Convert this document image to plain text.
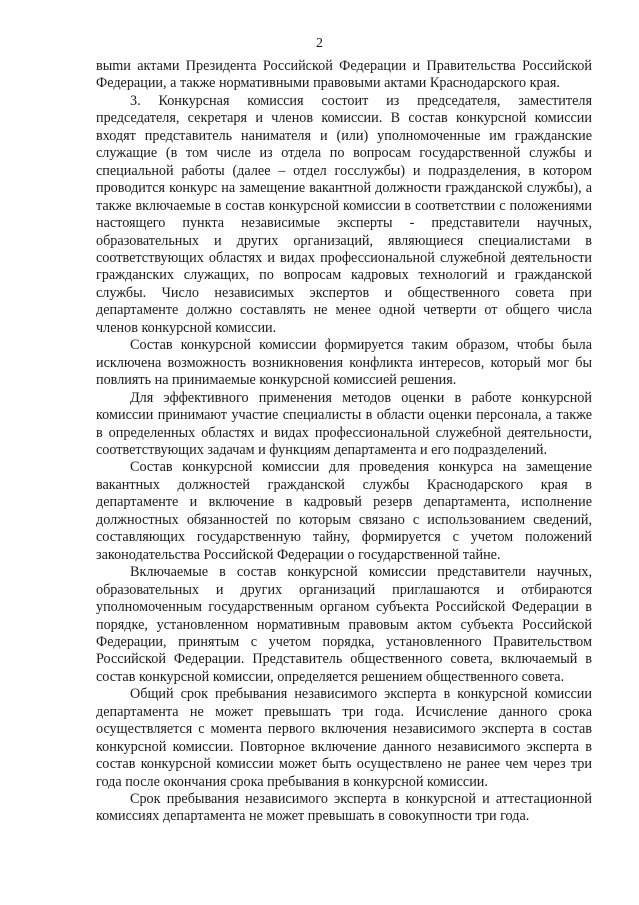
2

выmи актами Президента Российской Федерации и Правительства Российской Федерации, а также нормативными правовыми актами Краснодарского края.

3. Конкурсная комиссия состоит из председателя, заместителя председателя, секретаря и членов комиссии. В состав конкурсной комиссии входят представитель нанимателя и (или) уполномоченные им гражданские служащие (в том числе из отдела по вопросам государственной службы и специальной работы (далее – отдел госслужбы) и подразделения, в котором проводится конкурс на замещение вакантной должности гражданской службы), а также включаемые в состав конкурсной комиссии в соответствии с положениями настоящего пункта независимые эксперты - представители научных, образовательных и других организаций, являющиеся специалистами в соответствующих областях и видах профессиональной служебной деятельности гражданских служащих, по вопросам кадровых технологий и гражданской службы. Число независимых экспертов и общественного совета при департаменте должно составлять не менее одной четверти от общего числа членов конкурсной комиссии.

Состав конкурсной комиссии формируется таким образом, чтобы была исключена возможность возникновения конфликта интересов, который мог бы повлиять на принимаемые конкурсной комиссией решения.

Для эффективного применения методов оценки в работе конкурсной комиссии принимают участие специалисты в области оценки персонала, а также в определенных областях и видах профессиональной служебной деятельности, соответствующих задачам и функциям департамента и его подразделений.

Состав конкурсной комиссии для проведения конкурса на замещение вакантных должностей гражданской службы Краснодарского края в департаменте и включение в кадровый резерв департамента, исполнение должностных обязанностей по которым связано с использованием сведений, составляющих государственную тайну, формируется с учетом положений законодательства Российской Федерации о государственной тайне.

Включаемые в состав конкурсной комиссии представители научных, образовательных и других организаций приглашаются и отбираются уполномоченным государственным органом субъекта Российской Федерации в порядке, установленном нормативным правовым актом субъекта Российской Федерации, принятым с учетом порядка, установленного Правительством Российской Федерации. Представитель общественного совета, включаемый в состав конкурсной комиссии, определяется решением общественного совета.

Общий срок пребывания независимого эксперта в конкурсной комиссии департамента не может превышать три года. Исчисление данного срока осуществляется с момента первого включения независимого эксперта в состав конкурсной комиссии. Повторное включение данного независимого эксперта в состав конкурсной комиссии может быть осуществлено не ранее чем через три года после окончания срока пребывания в конкурсной комиссии.

Срок пребывания независимого эксперта в конкурсной и аттестационной комиссиях департамента не может превышать в совокупности три года.
